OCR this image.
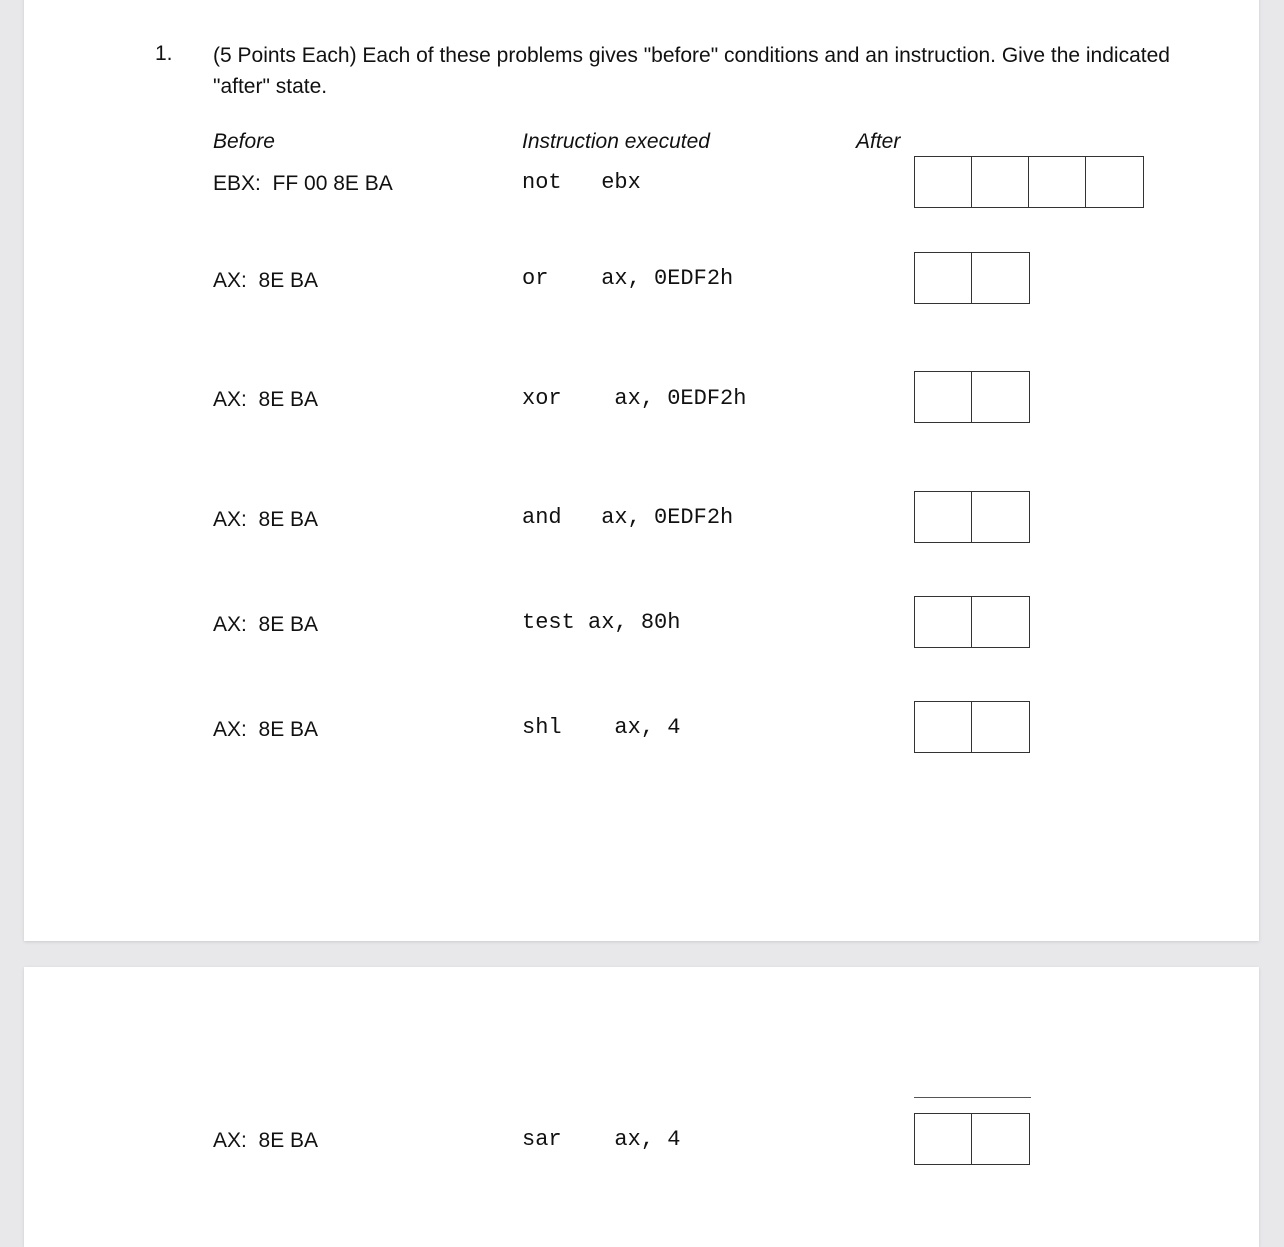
1. (5 Points Each) Each of these problems gives "before" conditions and an instruction. Give the indicated "after" state.
Before	Instruction executed	After
EBX:  FF 00 8E BA	not   ebx
AX:  8E BA	or    ax, 0EDF2h
AX:  8E BA	xor    ax, 0EDF2h
AX:  8E BA	and   ax, 0EDF2h
AX:  8E BA	test ax, 80h
AX:  8E BA	shl    ax, 4
AX:  8E BA	sar    ax, 4
